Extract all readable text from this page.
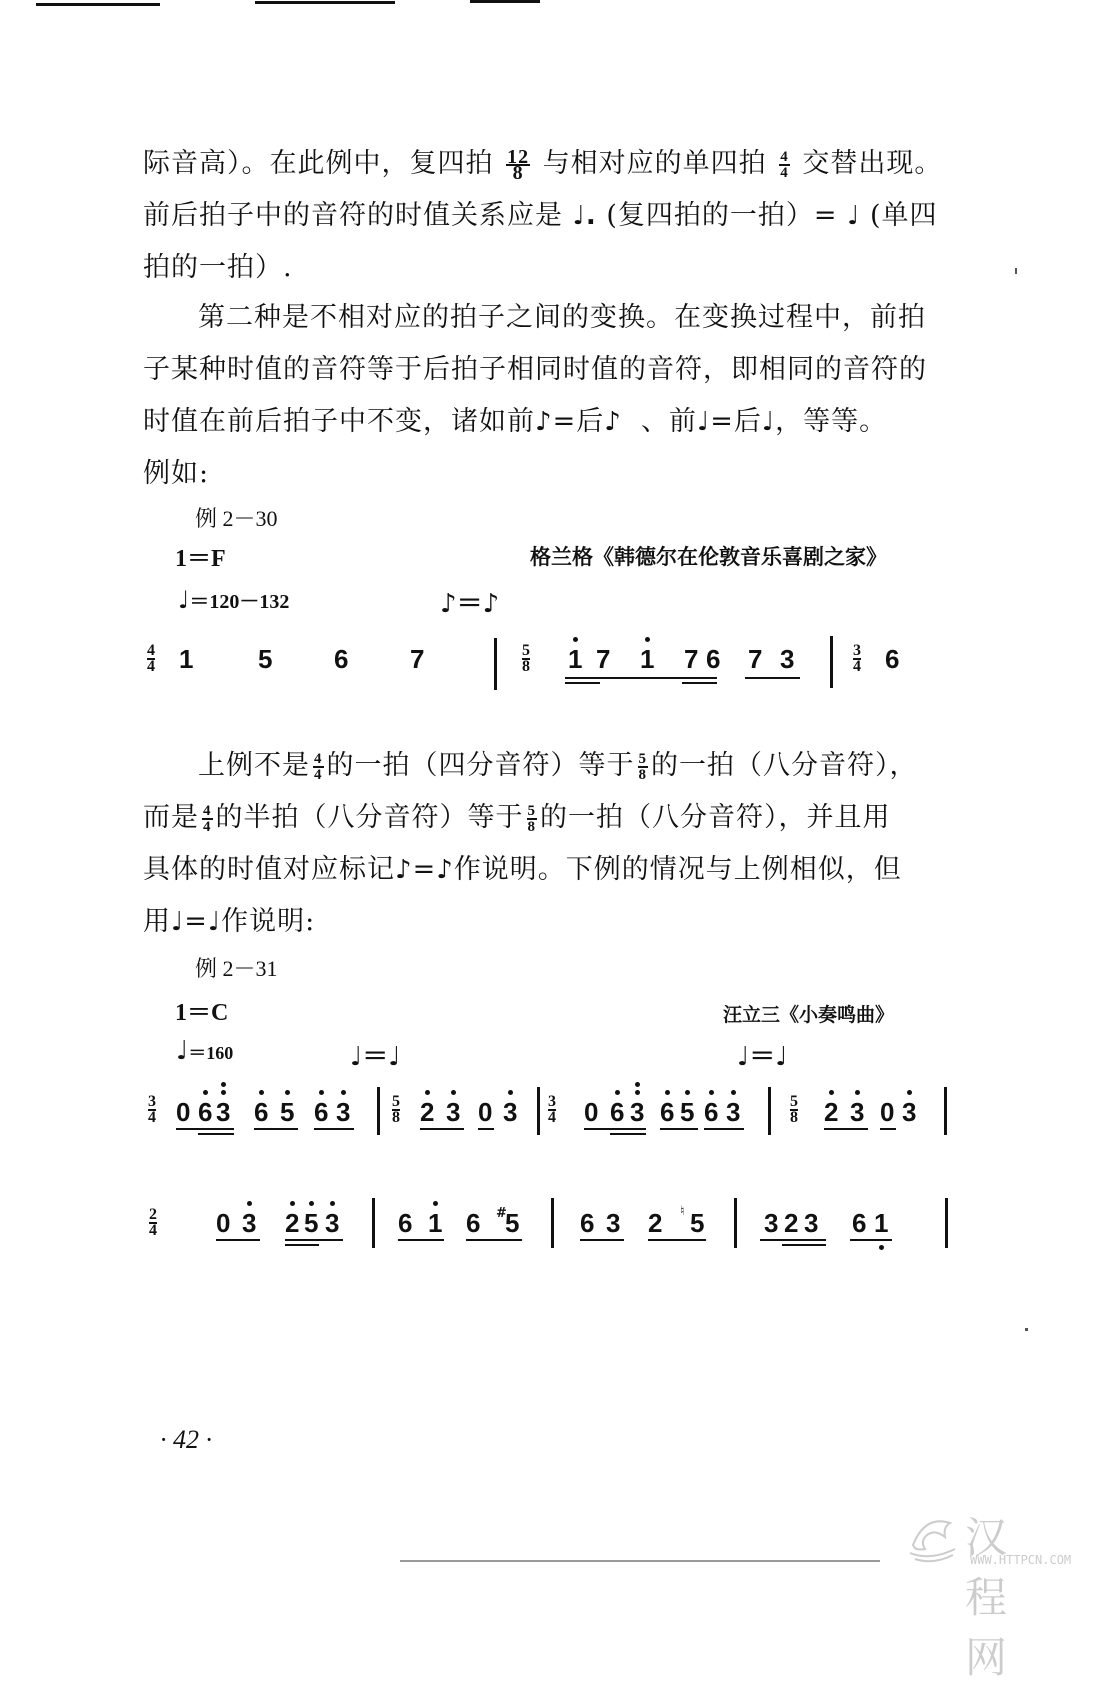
际音高）。在此例中，复四拍 $\frac{12}{8}$ 与相对应的单四拍 $\frac{4}{4}$ 交替出现。
前后拍子中的音符的时值关系应是 ♩. (复四拍的一拍）= ♩ (单四
拍的一拍）.
第二种是不相对应的拍子之间的变换。在变换过程中，前拍
子某种时值的音符等于后拍子相同时值的音符，即相同的音符的
时值在前后拍子中不变，诸如前♪=后♪ 、前♩=后♩，等等。
例如:
例 2－30
1＝F	格兰格《韩德尔在伦敦音乐喜剧之家》
♩＝120－132	♪＝♪
$\frac{4}{4} 1$ 5 6 7	$\frac{5}{8} 1$ 7 1 7 6 7 3	$\frac{3}{4} 6$
上例不是 $\frac{4}{4}$ 的一拍（四分音符）等于 $\frac{5}{8}$ 的一拍（八分音符），
而是 $\frac{4}{4}$ 的半拍（八分音符）等于 $\frac{5}{8}$ 的一拍（八分音符），并且用
具体的时值对应标记♪=♪作说明。下例的情况与上例相似，但
用♩=♩作说明:
例 2－31
1＝C	汪立三《小奏鸣曲》
♩＝160	♩＝♩	♩＝♩
$\frac{3}{4} 0$ 6 3 6 5 6 3	$\frac{5}{8} 2$ 3 0 $3 \frac{3}{4} 0$ 6 3 6 5 6 3	$\frac{5}{8} 2$ 3 0 3
$\frac{2}{4} 0$ 3 2 5 3 6 1 6 #
5 6 3 2 ♮ 5 3 2 3 6 1
· 42 ·
汉程网
WWW.HTTPCN.COM
